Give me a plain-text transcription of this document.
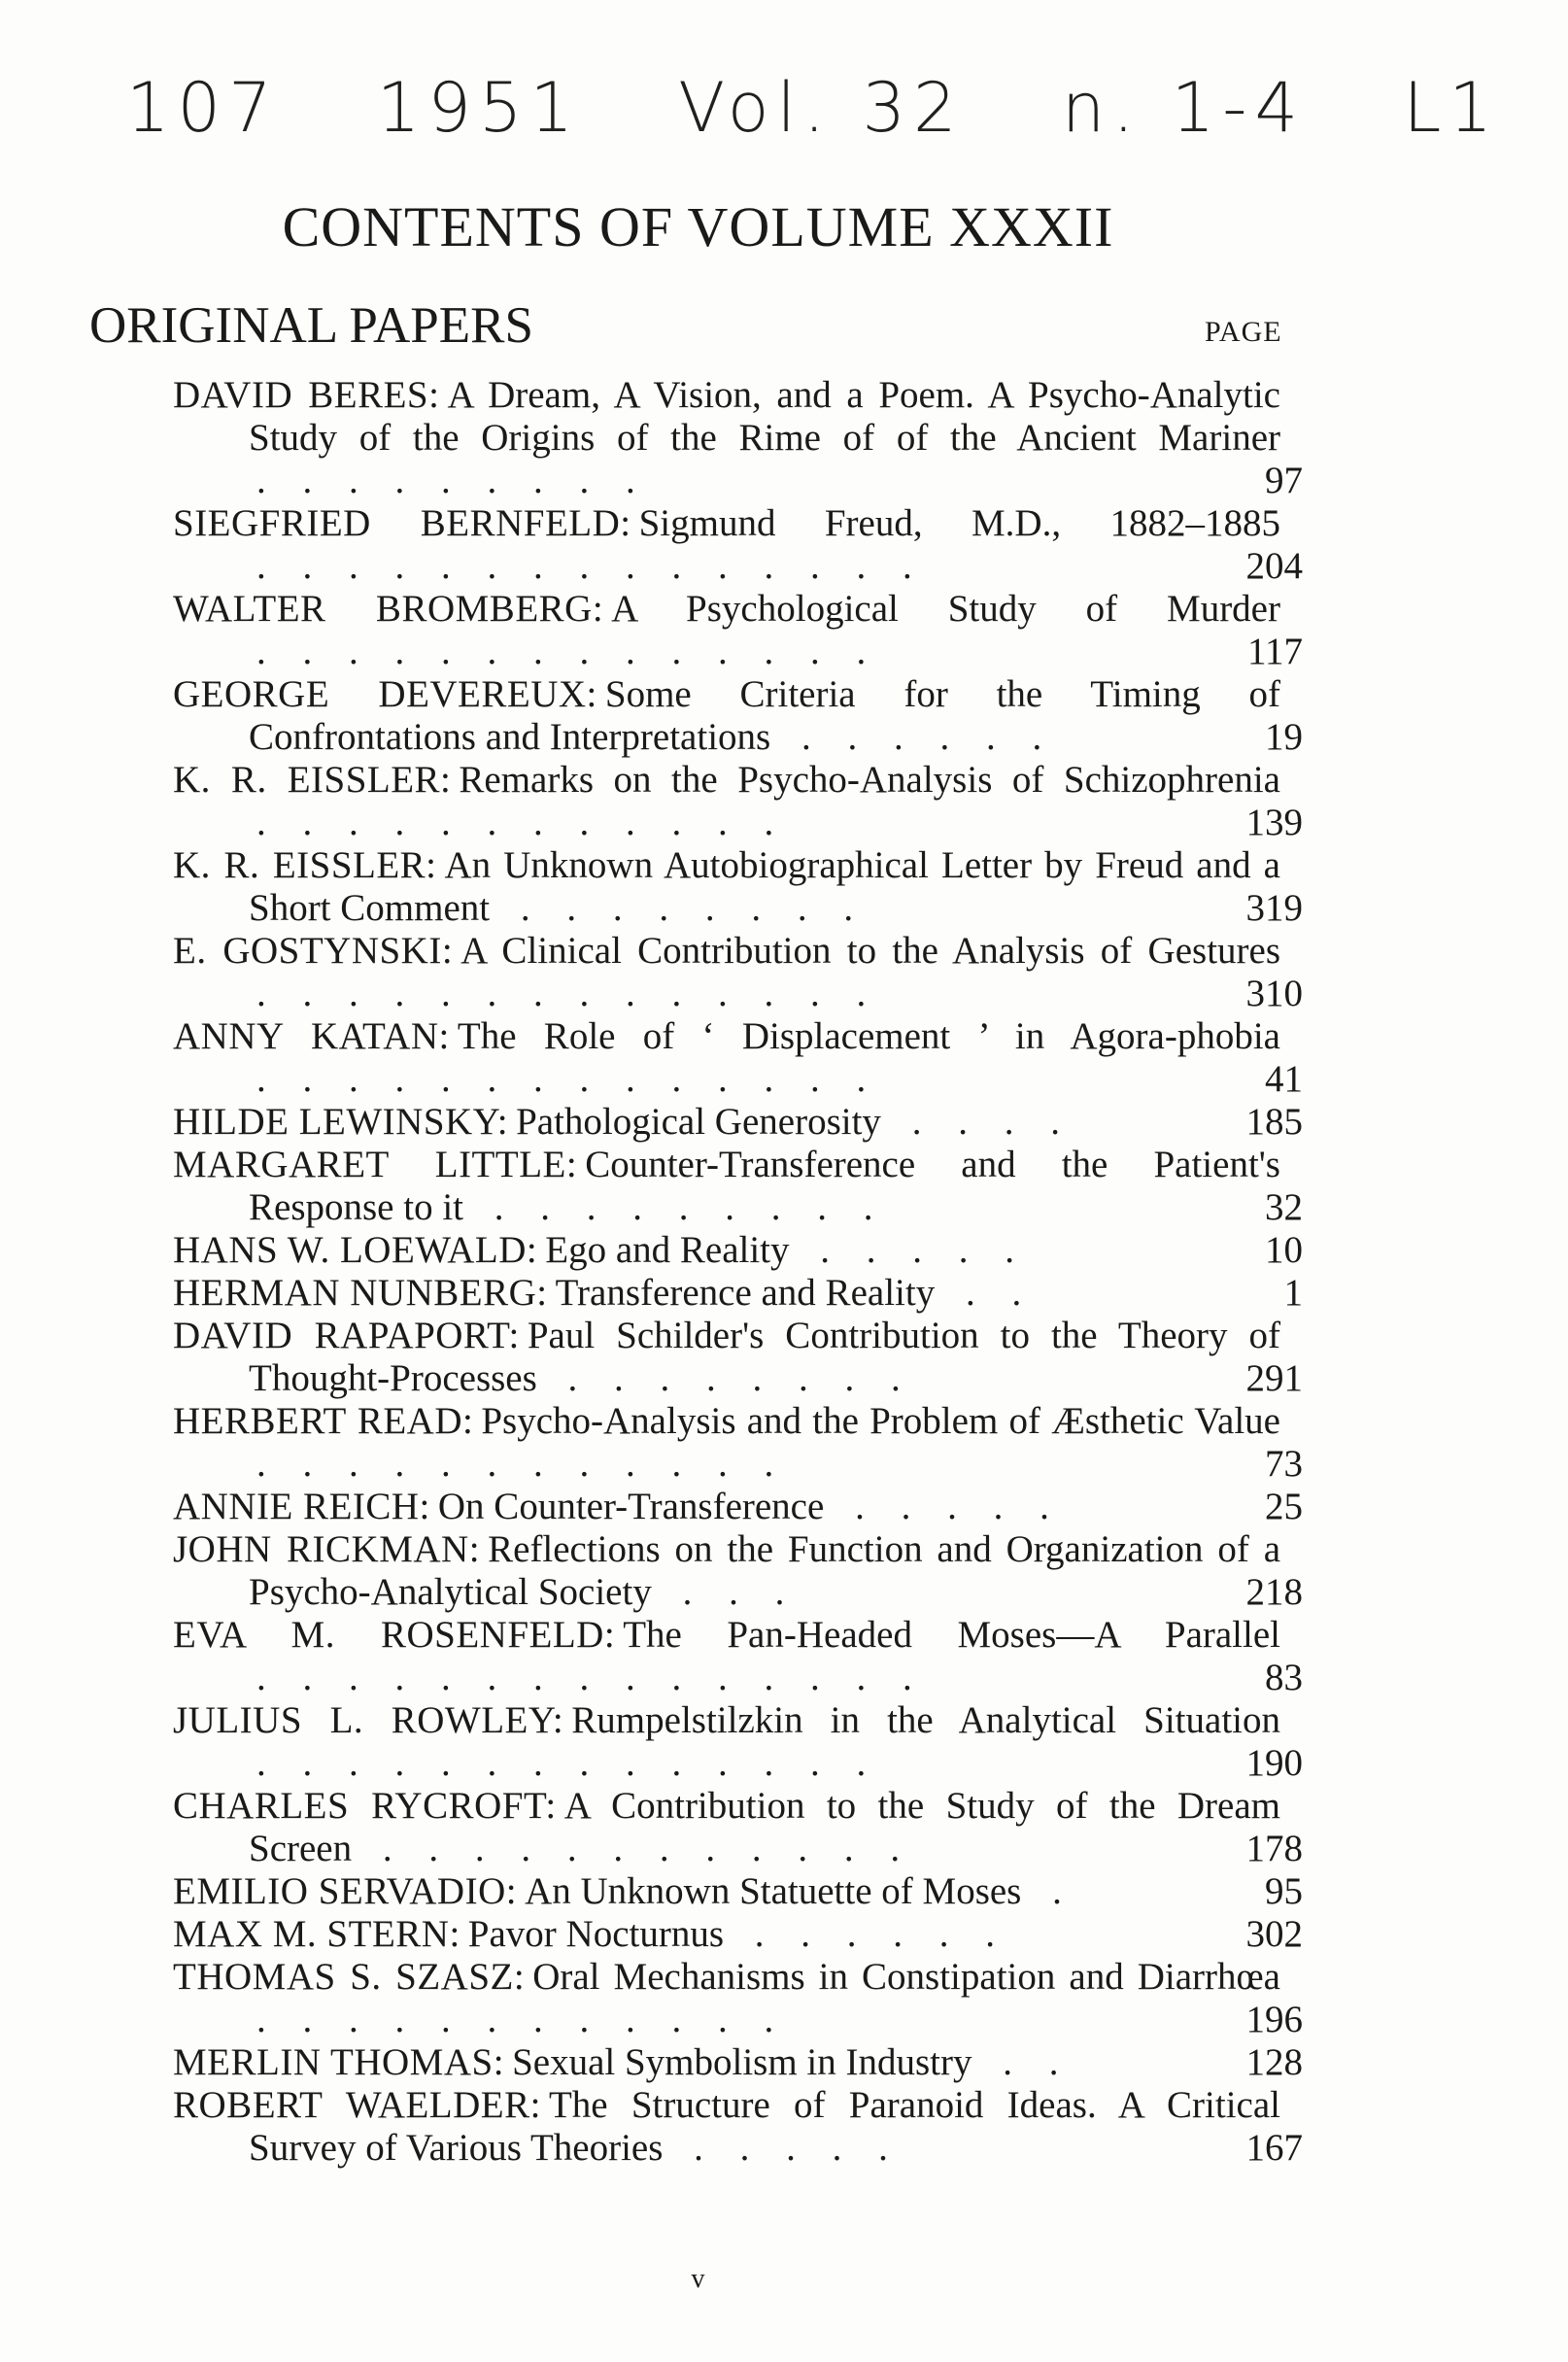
107 1951 Vol. 32 n. 1-4 L1
CONTENTS OF VOLUME XXXII
ORIGINAL PAPERS	PAGE
DAVID BERES: A Dream, A Vision, and a Poem. A Psycho-Analytic Study of the Origins of the Rime of of the Ancient Mariner . . . . . . . . .	97
SIEGFRIED BERNFELD: Sigmund Freud, M.D., 1882–1885 . . . . . . . . . . . . . . .	204
WALTER BROMBERG: A Psychological Study of Murder . . . . . . . . . . . . . .	117
GEORGE DEVEREUX: Some Criteria for the Timing of Confrontations and Interpretations . . . . . .	19
K. R. EISSLER: Remarks on the Psycho-Analysis of Schizophrenia . . . . . . . . . . . .	139
K. R. EISSLER: An Unknown Autobiographical Letter by Freud and a Short Comment . . . . . . . .	319
E. GOSTYNSKI: A Clinical Contribution to the Analysis of Gestures . . . . . . . . . . . . . .	310
ANNY KATAN: The Role of ‘ Displacement ’ in Agora-phobia . . . . . . . . . . . . . .	41
HILDE LEWINSKY: Pathological Generosity . . . .	185
MARGARET LITTLE: Counter-Transference and the Patient's Response to it . . . . . . . . .	32
HANS W. LOEWALD: Ego and Reality . . . . .	10
HERMAN NUNBERG: Transference and Reality . .	1
DAVID RAPAPORT: Paul Schilder's Contribution to the Theory of Thought-Processes . . . . . . . .	291
HERBERT READ: Psycho-Analysis and the Problem of Æsthetic Value . . . . . . . . . . . .	73
ANNIE REICH: On Counter-Transference . . . . .	25
JOHN RICKMAN: Reflections on the Function and Organization of a Psycho-Analytical Society . . .	218
EVA M. ROSENFELD: The Pan-Headed Moses—A Parallel . . . . . . . . . . . . . . .	83
JULIUS L. ROWLEY: Rumpelstilzkin in the Analytical Situation . . . . . . . . . . . . . .	190
CHARLES RYCROFT: A Contribution to the Study of the Dream Screen . . . . . . . . . . . .	178
EMILIO SERVADIO: An Unknown Statuette of Moses .	95
MAX M. STERN: Pavor Nocturnus . . . . . .	302
THOMAS S. SZASZ: Oral Mechanisms in Constipation and Diarrhœa . . . . . . . . . . . .	196
MERLIN THOMAS: Sexual Symbolism in Industry . .	128
ROBERT WAELDER: The Structure of Paranoid Ideas. A Critical Survey of Various Theories . . . . .	167
v
